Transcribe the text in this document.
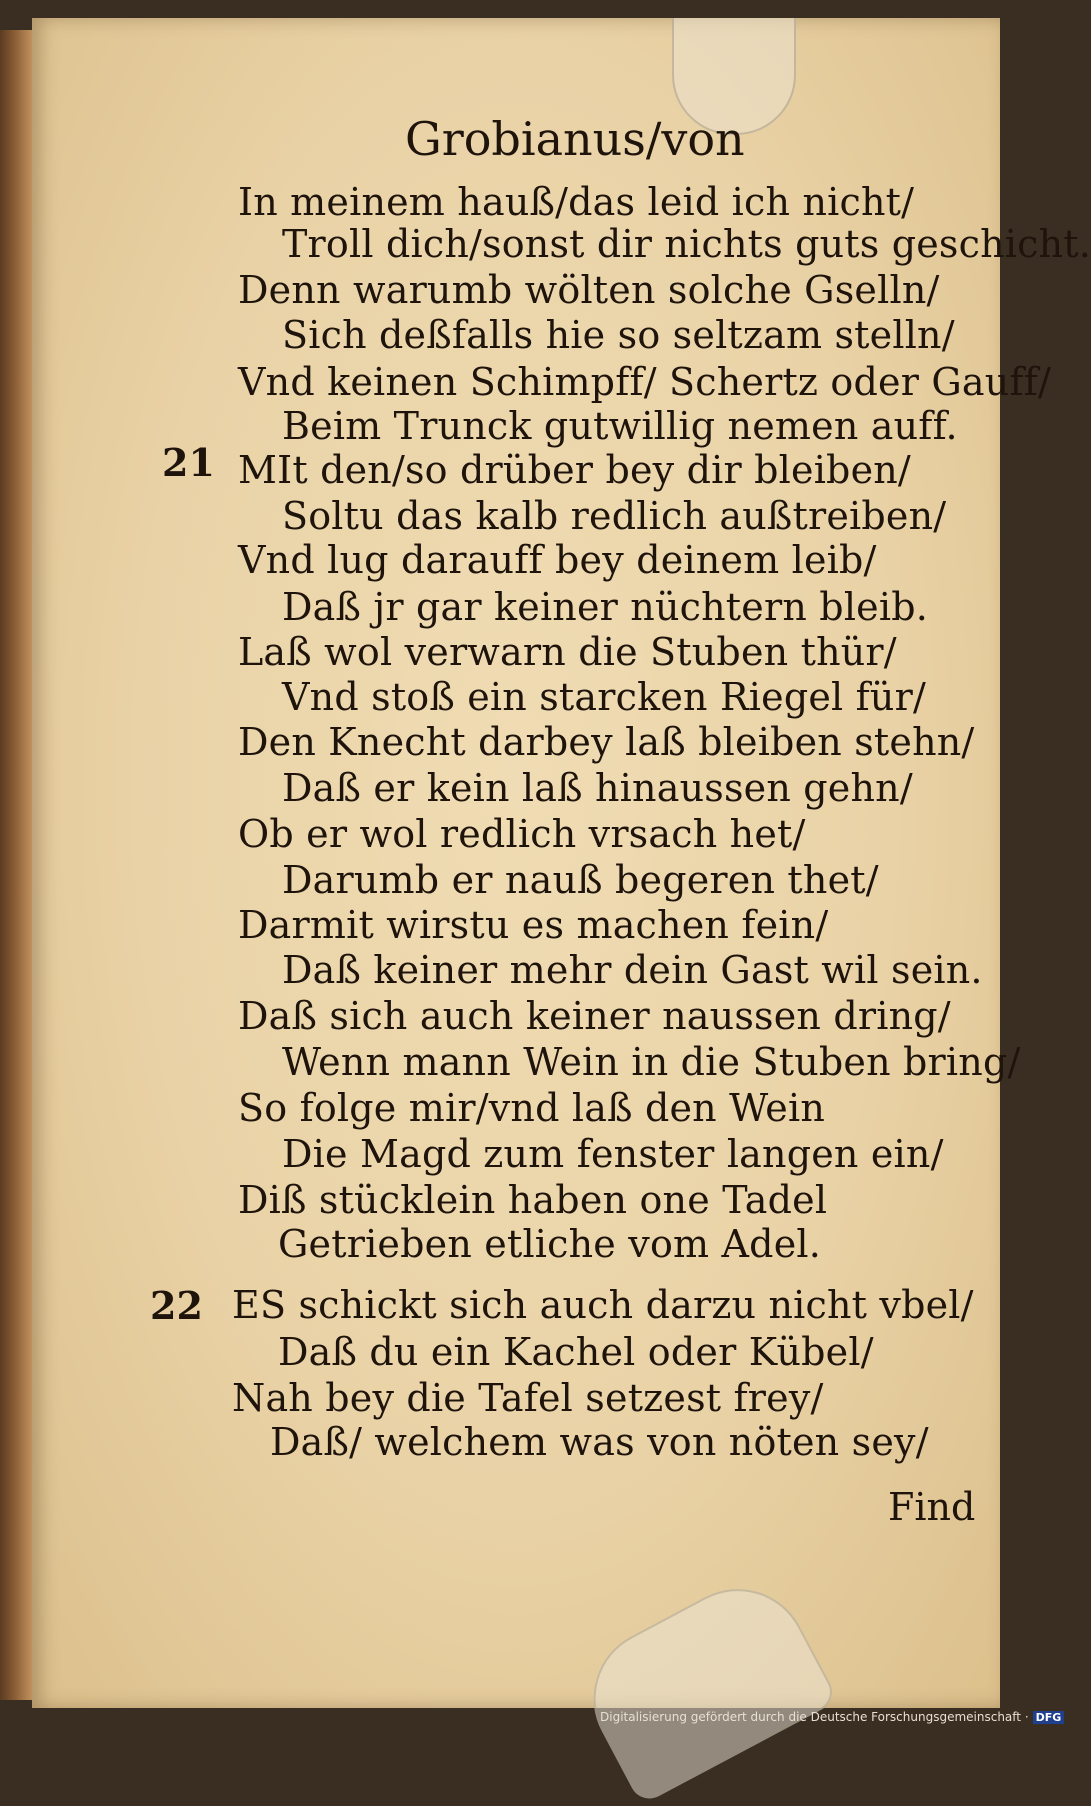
Grobianus/von
21
22
In meinem hauß/das leid ich nicht/
Troll dich/sonst dir nichts guts geschicht.
Denn warumb wölten solche Gselln/
Sich deßfalls hie so seltzam stelln/
Vnd keinen Schimpff/ Schertz oder Gauff/
Beim Trunck gutwillig nemen auff.
MIt den/so drüber bey dir bleiben/
Soltu das kalb redlich außtreiben/
Vnd lug darauff bey deinem leib/
Daß jr gar keiner nüchtern bleib.
Laß wol verwarn die Stuben thür/
Vnd stoß ein starcken Riegel für/
Den Knecht darbey laß bleiben stehn/
Daß er kein laß hinaussen gehn/
Ob er wol redlich vrsach het/
Darumb er nauß begeren thet/
Darmit wirstu es machen fein/
Daß keiner mehr dein Gast wil sein.
Daß sich auch keiner naussen dring/
Wenn mann Wein in die Stuben bring/
So folge mir/vnd laß den Wein
Die Magd zum fenster langen ein/
Diß stücklein haben one Tadel
Getrieben etliche vom Adel.
ES schickt sich auch darzu nicht vbel/
Daß du ein Kachel oder Kübel/
Nah bey die Tafel setzest frey/
Daß/ welchem was von nöten sey/
Find
Digitalisierung gefördert durch die Deutsche Forschungsgemeinschaft · DFG
